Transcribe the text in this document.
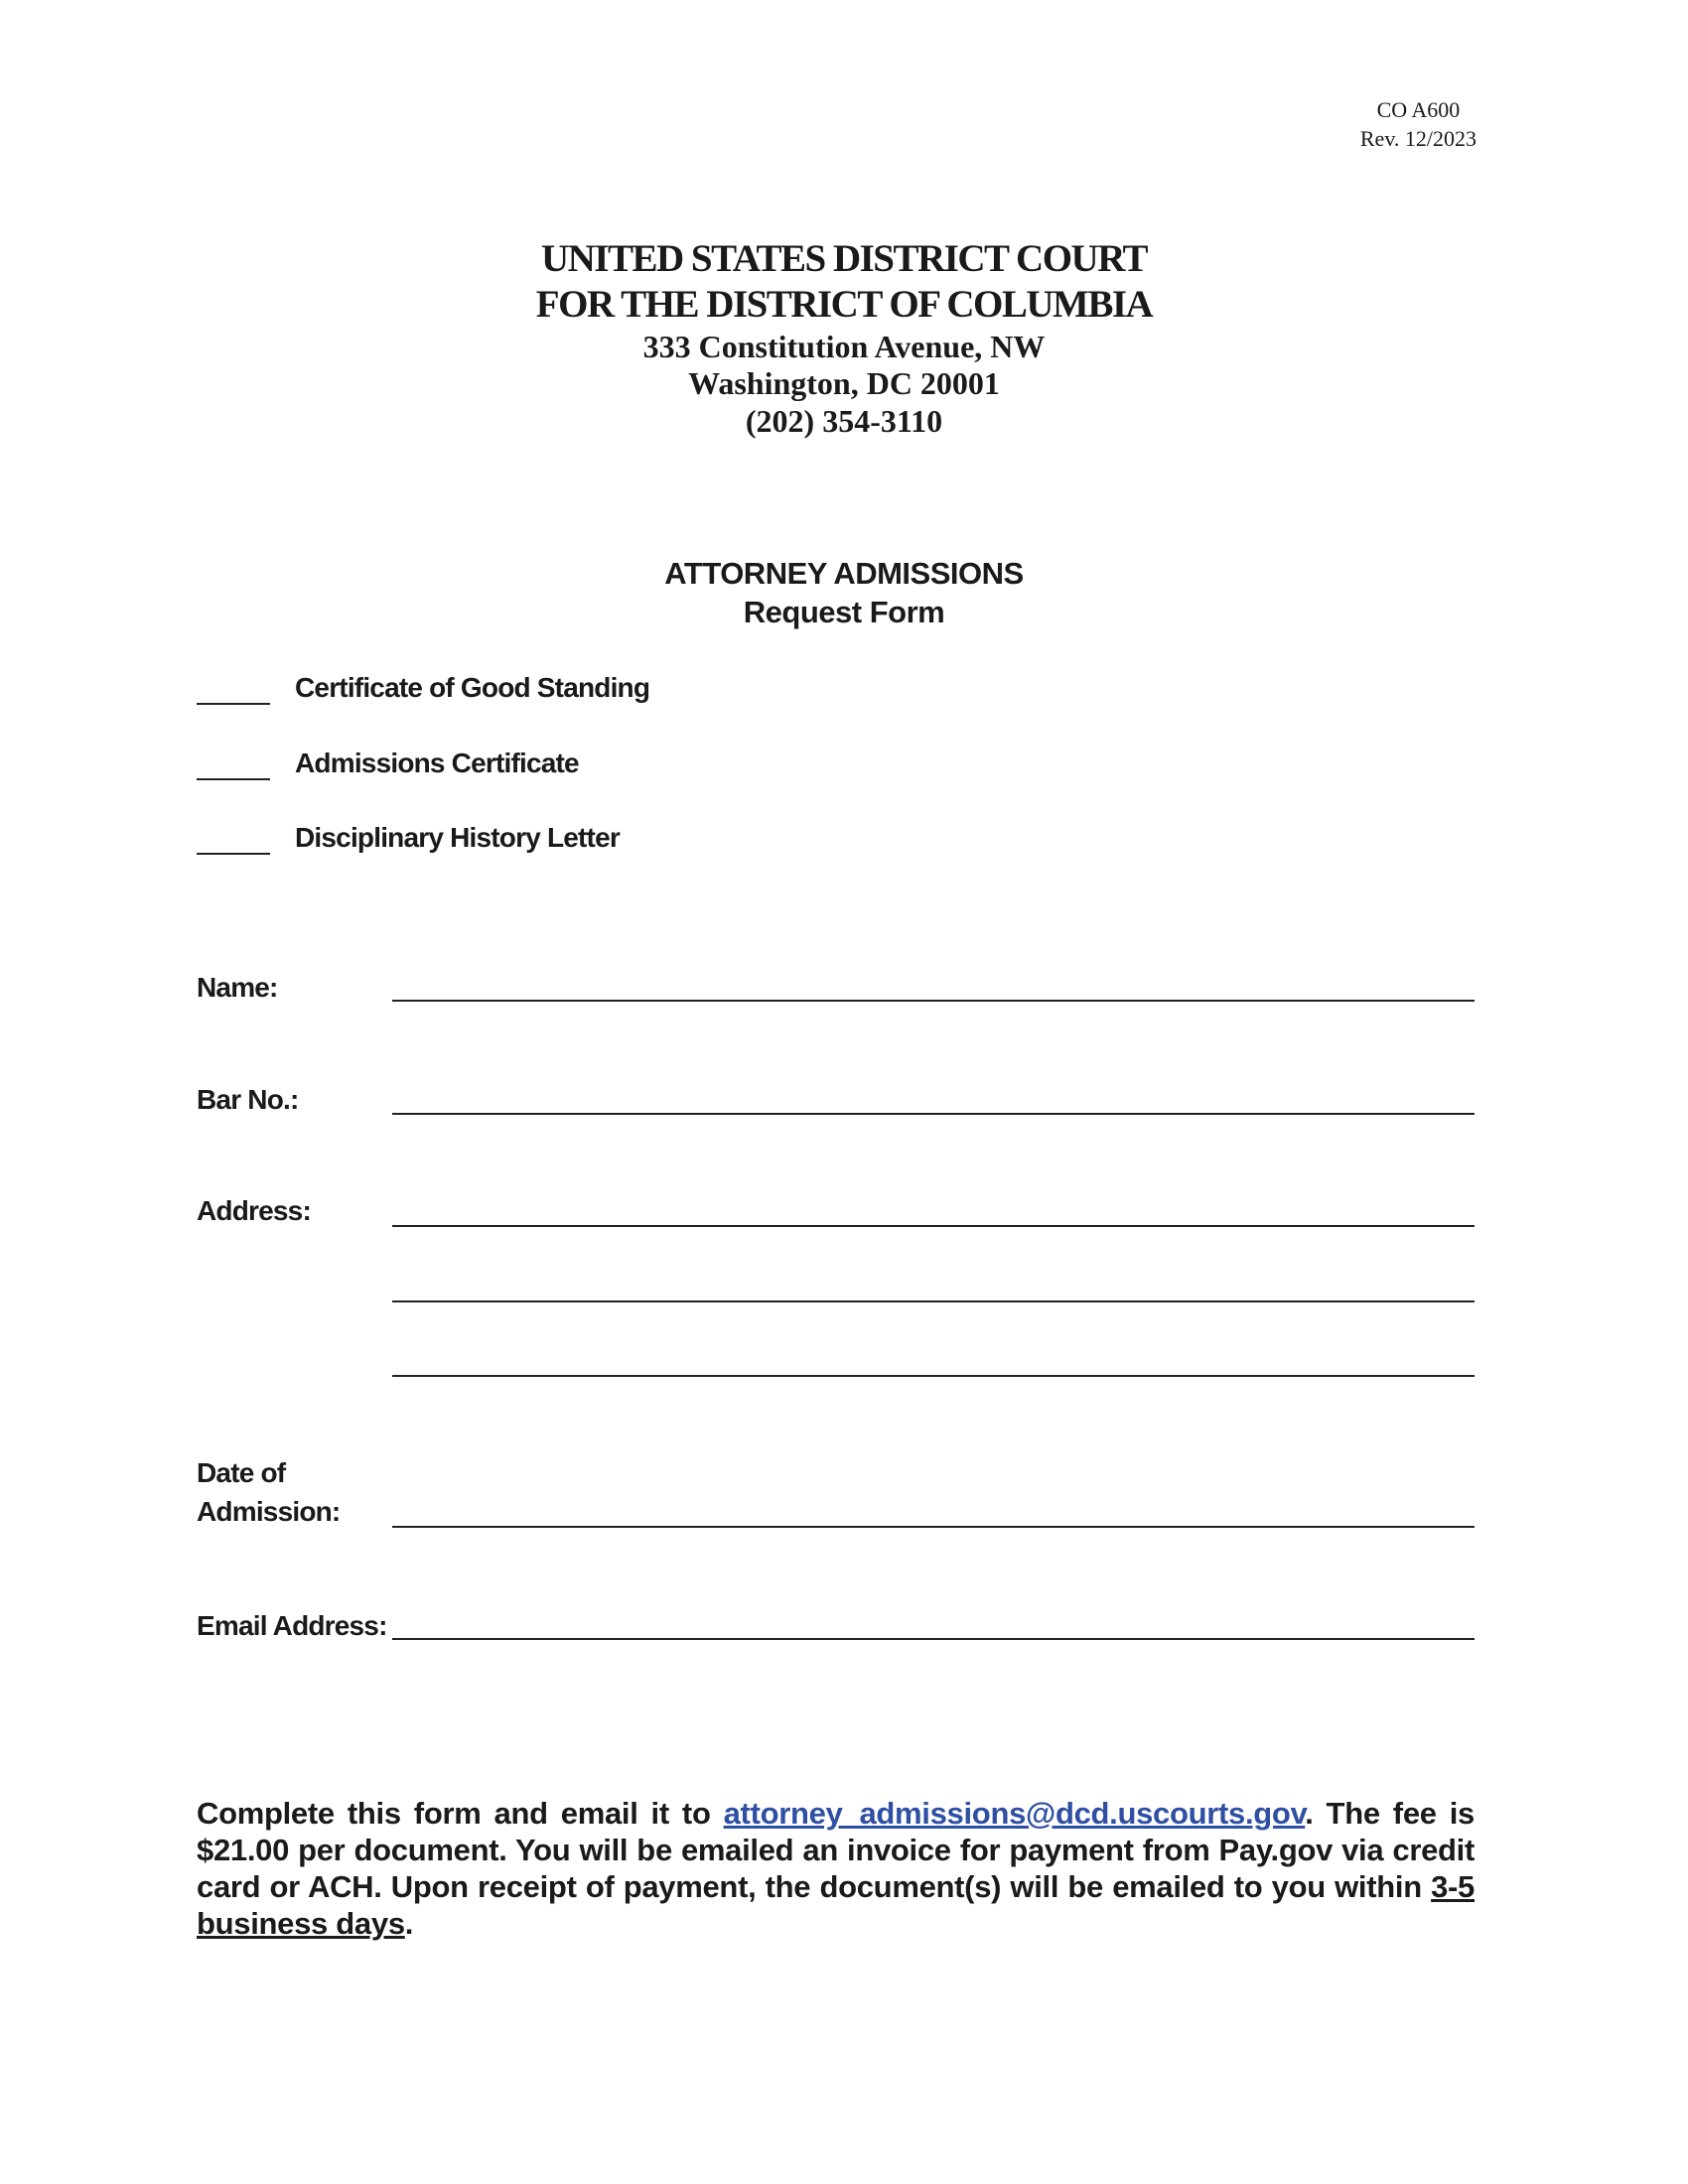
CO A600
Rev. 12/2023
UNITED STATES DISTRICT COURT
FOR THE DISTRICT OF COLUMBIA
333 Constitution Avenue, NW
Washington, DC 20001
(202) 354-3110
ATTORNEY ADMISSIONS
Request Form
Certificate of Good Standing
Admissions Certificate
Disciplinary History Letter
Name:
Bar No.:
Address:
Date of
Admission:
Email Address:
Complete this form and email it to attorney_admissions@dcd.uscourts.gov. The fee is $21.00 per document. You will be emailed an invoice for payment from Pay.gov via credit card or ACH. Upon receipt of payment, the document(s) will be emailed to you within 3-5 business days.
